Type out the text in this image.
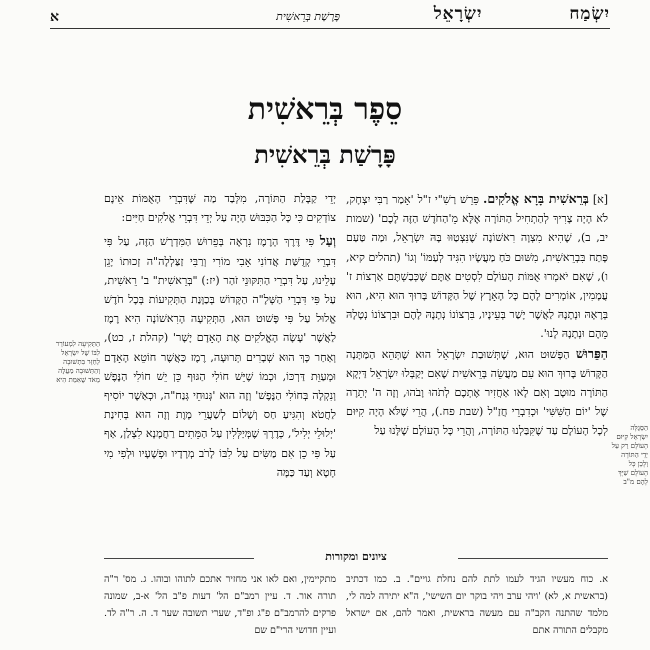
יִשְׂמַח יִשְׂרָאֵל
פָּרָשַׁת בְּרֵאשִׁית
א
סֵפֶר בְּרֵאשִׁית
פָּרָשַׁת בְּרֵאשִׁית

[א] בְּרֵאשִׁית בָּרָא אֱלֹקִים. פֵּרֵשׁ רַשִׁ"י ז"ל 'אָמַר רַבִּי יִצְחָק, לֹא הָיָה צָרִיךְ לְהַתְחִיל הַתּוֹרָה אֶלָּא מֵ'הַחֹדֶשׁ הַזֶּה לָכֶם' (שמות יב, ב), שֶׁהִיא מִצְוָה רִאשׁוֹנָה שֶׁנִּצְטַוּוּ בָּהּ יִשְׂרָאֵל, וּמַה טַּעַם פָּתַח בִּבְרֵאשִׁית, מִשּׁוּם כֹּחַ מַעֲשָׂיו הִגִּיד לְעַמּוֹ' וְגוֹ' (תהלים קיא, ו), שֶׁאִם יֹאמְרוּ אֻמּוֹת הָעוֹלָם לִסְטִים אַתֶּם שֶׁכְּבַשְׁתֶּם אַרְצוֹת ז' עֲמָמִין, אוֹמְרִים לָהֶם כָּל הָאָרֶץ שֶׁל הַקָּדוֹשׁ בָּרוּךְ הוּא הִיא, הוּא בְּרָאָהּ וּנְתָנָהּ לַאֲשֶׁר יָשַׁר בְּעֵינָיו, בִּרְצוֹנוֹ נְתָנָהּ לָהֶם וּבִרְצוֹנוֹ נְטָלָהּ מֵהֶם וּנְתָנָהּ לָנוּ'.

הַפֵּרוּשׁ הַפָּשׁוּט הוּא, שֶׁתְּשׁוּבַת יִשְׂרָאֵל הוּא שֶׁתְּהֵא הַמַּתָּנָה הַקָּדוֹשׁ בָּרוּךְ הוּא עִם מַעֲשֵׂה בְּרֵאשִׁית שֶׁאִם יְקַבְּלוּ יִשְׂרָאֵל דַּיְקָא הַתּוֹרָה מוּטָב וְאִם לָאו אַחֲזִיר אֶתְכֶם לְתֹהוּ וָבֹהוּ, וְזֶה ה' יְתֵרָה שֶׁל 'יוֹם הַשִּׁשִּׁי' וּכְדִבְרֵי חֲזַ"ל (שבת פח.), הֲרֵי שֶׁלֹּא הָיָה קִיּוּם לְכָל הָעוֹלָם עַד שֶׁקִּבַּלְנוּ הַתּוֹרָה, וְהֲרֵי כָּל הָעוֹלָם שֶׁלָּנוּ עַל	הַסְּגֻלָּה יִשְׂרָאֵל קִיּוּם הָעוֹלָם רַק עַל יְדֵי הַתּוֹרָה וְלָכֵן כָּל הָעוֹלָם שַׁיָּךְ לָהֶם מ"ב

יְדֵי קַבָּלַת הַתּוֹרָה, מִלְּבַד מַה שֶּׁדִּבְרֵי הָאֻמּוֹת אֵינָם צוֹדְקִים כִּי כָּל הַכִּבּוּשׁ הָיָה עַל יְדֵי דִּבְרֵי אֱלֹקִים חַיִּים:

וְעַל פִּי דֶּרֶךְ הָרֶמֶז נִרְאֶה בְּפֵרוּשׁ הַמִּדְרָשׁ הַזֶּה, עַל פִּי דִּבְרֵי קְדֻשַּׁת אֲדוֹנִי אָבִי מוֹרִי וְרַבִּי זַצַּלְלָה"ה זְכוּתוֹ יָגֵן עָלֵינוּ, עַל דִּבְרֵי הַתִּקּוּנֵי זֹהַר (יז:) "בְּרֵאשִׁית" ב' רֵאשִׁית, עַל פִּי דִּבְרֵי הַשְּׁלָ"ה הַקָּדוֹשׁ בְּכַוָּנַת הַתְּקִיעוֹת בְּכָל חֹדֶשׁ אֱלוּל עַל פִּי פָּשׁוּט הוּא, הַתְּקִיעָה הָרִאשׁוֹנָה הִיא רֶמֶז לַאֲשֶׁר 'עָשָׂה הָאֱלֹקִים אֶת הָאָדָם יָשָׁר' (קהלת ז, כט), וְאַחַר כָּךְ הוּא שְׁבָרִים תְּרוּעָה, רֶמֶז כַּאֲשֶׁר חוֹטֵא הָאָדָם וּמְעַוֵּת דַּרְכּוֹ, וּכְמוֹ שֶׁיֵּשׁ חוֹלִי הַגּוּף כֵּן יֵשׁ חוֹלִי הַנֶּפֶשׁ וְנִקְלָה בְּחוֹלִי הַנֶּפֶשׁ' וְזֶה הוּא 'גְּנוּחֵי גְּנַח"ה, וּכְאַשֶׁר יוֹסִיף לַחֲטֹא וְהִגִּיעַ חַס וְשָׁלוֹם לְשַׁעֲרֵי מָוֶת וְזֶה הוּא בְּחִינַת 'יְלוּלֵי יְלִיל', כְּדֶרֶךְ שֶׁמְּיַלְּלִין עַל הַמֵּתִים רַחֲמָנָא לִצְלַן, אַף עַל פִּי כֵן אִם מַשִּׂים עַל לִבּוֹ לָרֹב מְרָדָיו וּפְשָׁעָיו וּלְפִי מִי חָטָא וְעַד כַּמָּה

הַתְּקִיעָה לִמְעוֹרֵר לִבּוֹ שֶׁל יִשְׂרָאֵל לְחַזֵּר בִּתְשׁוּבָה וְהַתְּשׁוּבָה מַעֲלֶה מְאֹד שֶׁאִמַּת הִיא
ציונים ומקורות

א. כוח מעשיו הגיד לעמו לתת להם נחלת גויים". ב. כמו דכתיב (בראשית א, לא) 'ויהי ערב ויהי בוקר יום השישי', ה"א יתירה למה לי, מלמד שהתנה הקב"ה עם מעשה בראשית, ואמר להם, אם ישראל מקבלים התורה אתם

מתקיימין, ואם לאו אני מחזיר אתכם לתוהו ובוהו. ג. מס' ר"ה תורה אור. ד. עיין רמב"ם הל' דעות פ"ב הל' א-ב, שמונה פרקים להרמב"ם פ"ג ופ"ד, שערי תשובה שער ד. ה. ר"ה לד. ועיין חדושי הרי"ם שם
